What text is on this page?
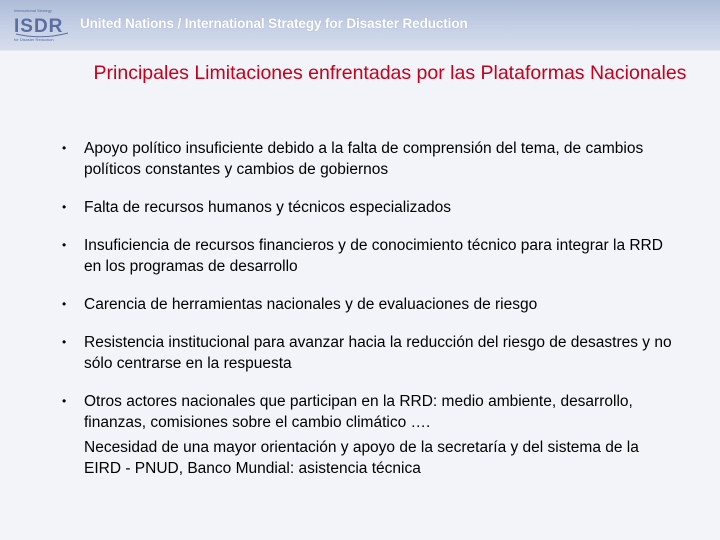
International Strategy
ISDR
for Disaster Reduction
United Nations / International Strategy for Disaster Reduction
Principales Limitaciones enfrentadas por las Plataformas Nacionales
• Apoyo político insuficiente debido a la falta de comprensión del tema, de cambios políticos constantes y cambios de gobiernos
• Falta de recursos humanos y técnicos especializados
• Insuficiencia de recursos financieros y de conocimiento técnico para integrar la RRD en los programas de desarrollo
• Carencia de herramientas nacionales y de evaluaciones de riesgo
• Resistencia institucional para avanzar hacia la reducción del riesgo de desastres y no sólo centrarse en la respuesta
• Otros actores nacionales que participan en la RRD: medio ambiente, desarrollo, finanzas, comisiones sobre el cambio climático ….
Necesidad de una mayor orientación y apoyo de la secretaría y del sistema de la EIRD - PNUD, Banco Mundial: asistencia técnica
